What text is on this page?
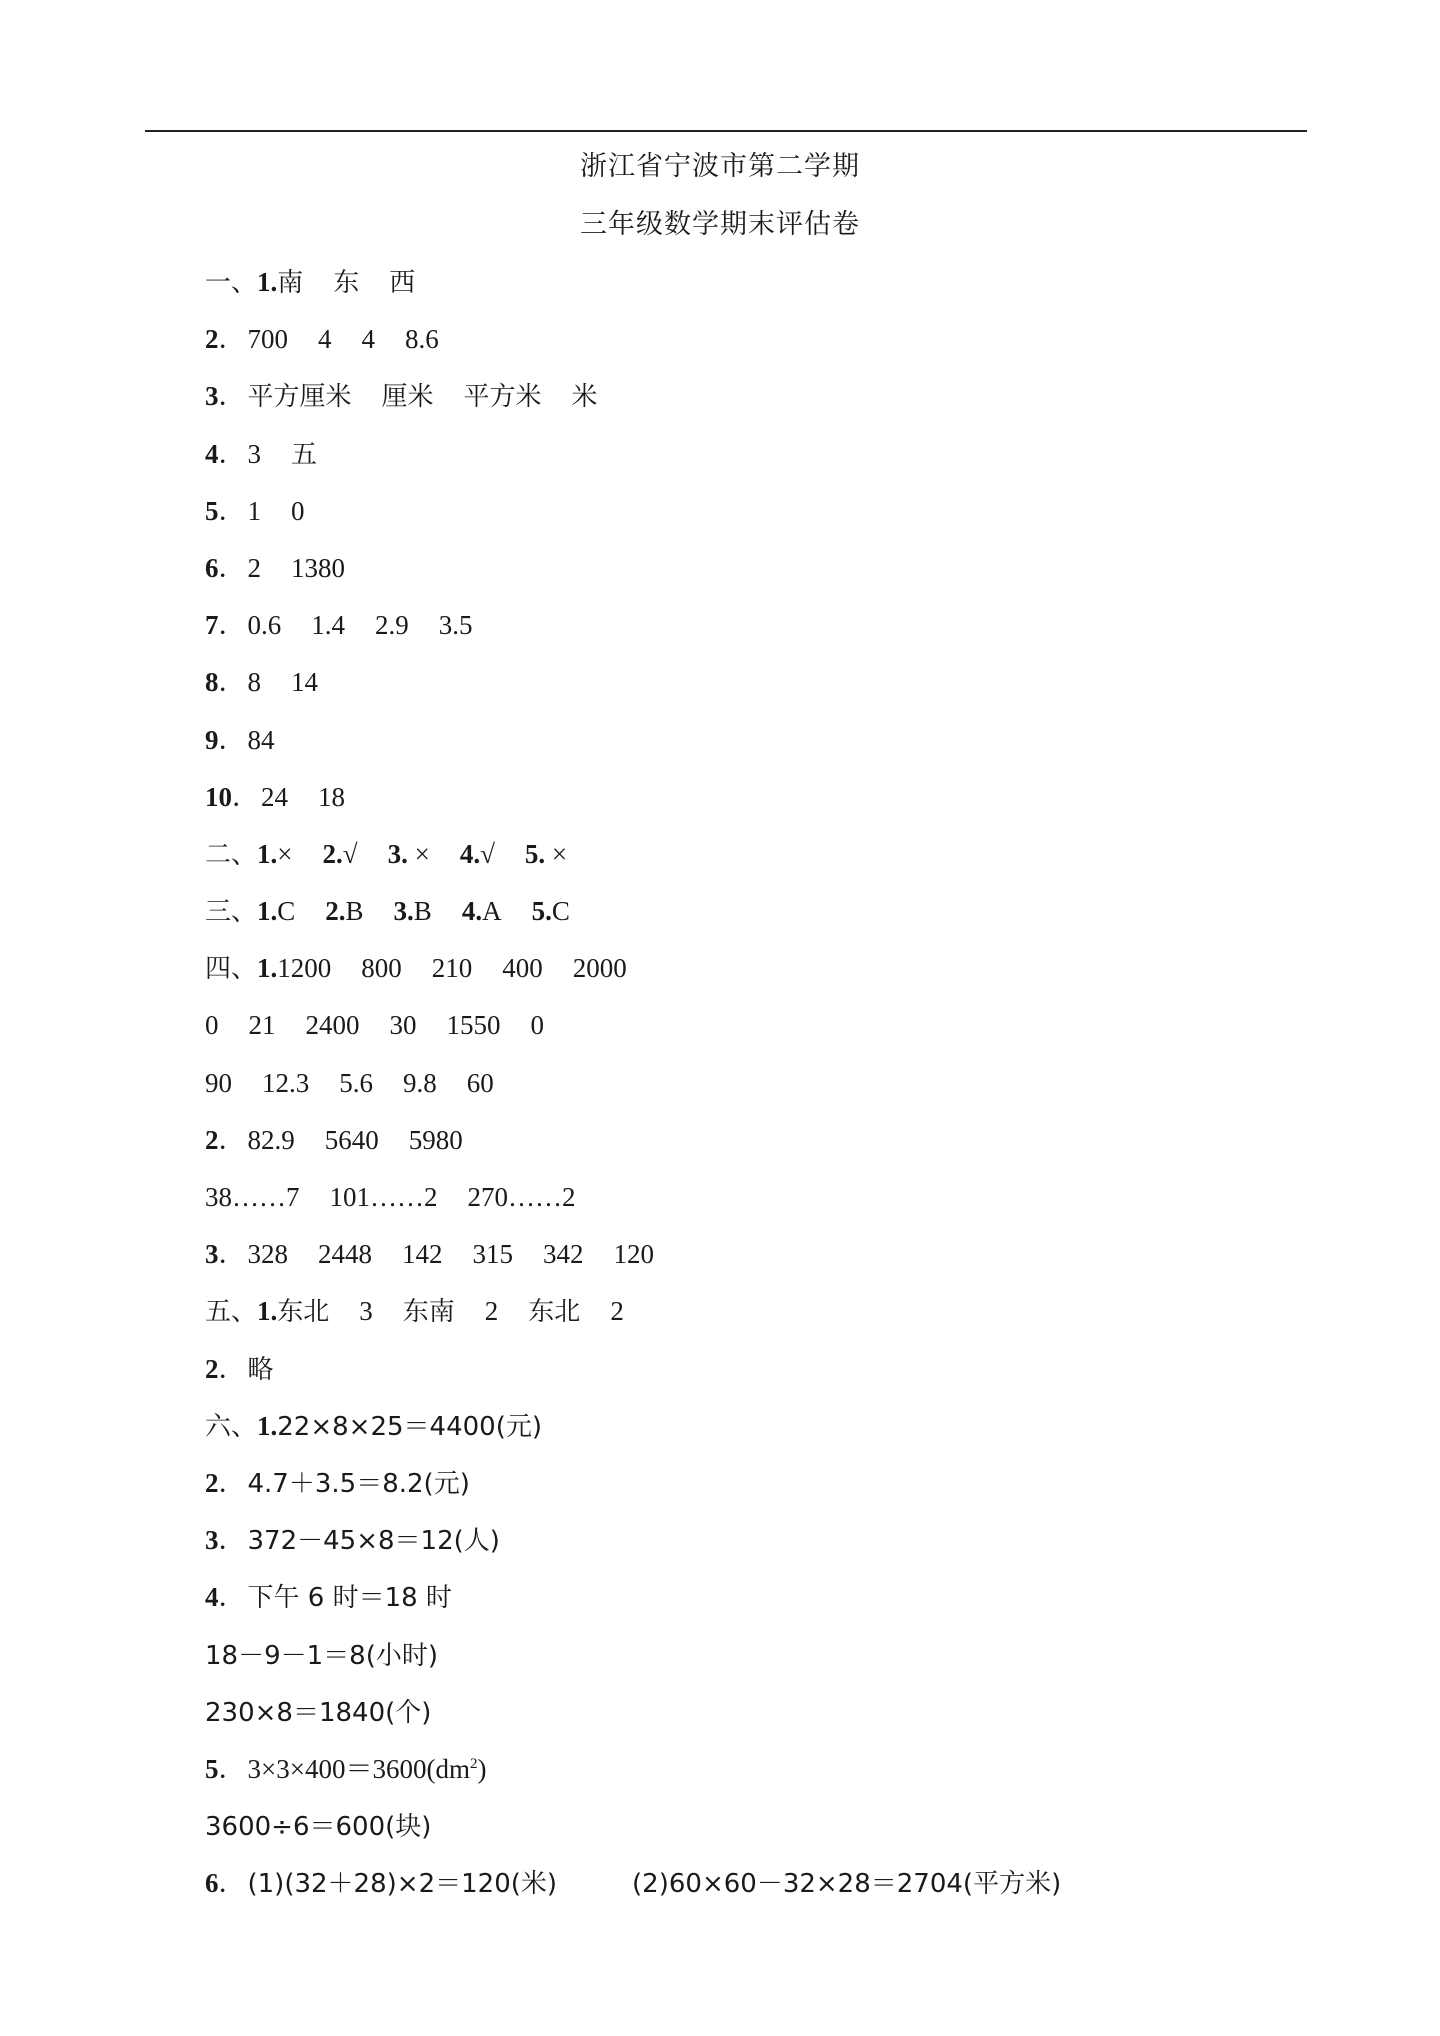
浙江省宁波市第二学期
三年级数学期末评估卷
一、1.南 东 西
2．700 4 4 8.6
3．平方厘米 厘米 平方米 米
4．3 五
5．1 0
6．2 1380
7．0.6 1.4 2.9 3.5
8．8 14
9．84
10．24 18
二、1.× 2.√ 3. × 4.√ 5. ×
三、1.C 2.B 3.B 4.A 5.C
四、1.1200 800 210 400 2000
0 21 2400 30 1550 0
90 12.3 5.6 9.8 60
2．82.9 5640 5980
38……7 101……2 270……2
3．328 2448 142 315 342 120
五、1.东北 3 东南 2 东北 2
2．略
六、1.22×8×25＝4400(元)
2．4.7＋3.5＝8.2(元)
3．372－45×8＝12(人)
4．下午 6 时＝18 时
18－9－1＝8(小时)
230×8＝1840(个)
5．$3\times 3\times 400=3600(dm^2)$
3600÷6＝600(块)
6．(1)(32＋28)×2＝120(米)	(2)60×60－32×28＝2704(平方米)
